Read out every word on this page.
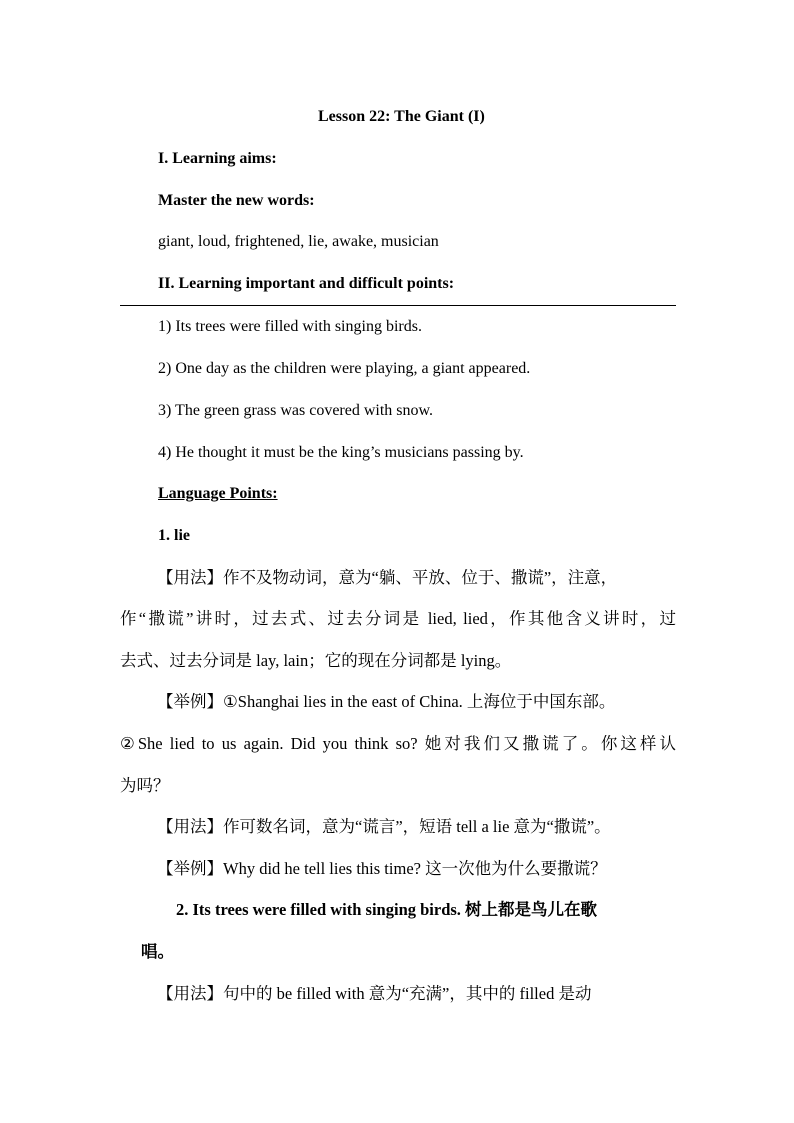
Lesson 22: The Giant (I)
I. Learning aims:
Master the new words:
giant, loud, frightened, lie, awake, musician
II. Learning important and difficult points:
1) Its trees were filled with singing birds.
2) One day as the children were playing, a giant appeared.
3) The green grass was covered with snow.
4) He thought it must be the king’s musicians passing by.
Language Points:
1. lie
【用法】作不及物动词，意为“躺、平放、位于、撒谎”，注意，
作“撒谎”讲时，过去式、过去分词是 lied, lied，作其他含义讲时，过
去式、过去分词是 lay, lain；它的现在分词都是 lying。
【举例】①Shanghai lies in the east of China. 上海位于中国东部。
②She lied to us again. Did you think so? 她对我们又撒谎了。你这样认
为吗？
【用法】作可数名词，意为“谎言”，短语 tell a lie 意为“撒谎”。
【举例】Why did he tell lies this time? 这一次他为什么要撒谎？
2. Its trees were filled with singing birds. 树上都是鸟儿在歌
唱。
【用法】句中的 be filled with 意为“充满”，其中的 filled 是动
